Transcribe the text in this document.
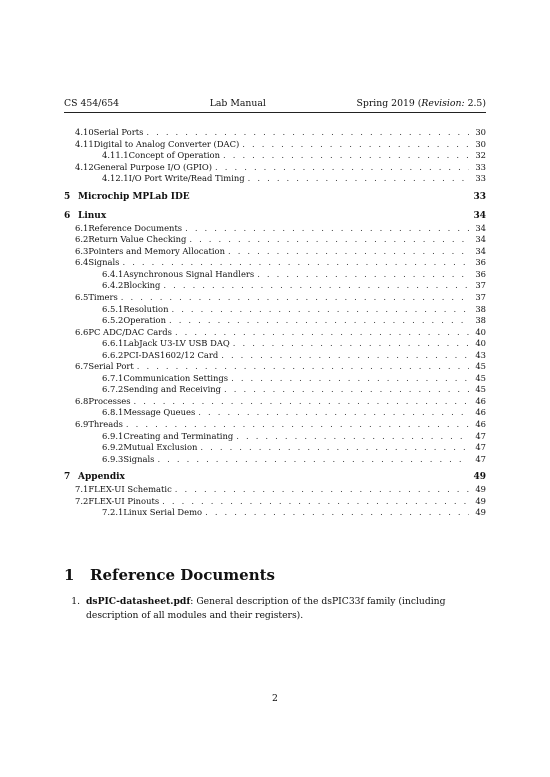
CS 454/654	Lab Manual	Spring 2019 (Revision: 2.5)
4.10 Serial Ports . . .	30
4.11 Digital to Analog Converter (DAC) . . .	30
4.11.1 Concept of Operation . . .	32
4.12 General Purpose I/O (GPIO) . . .	33
4.12.1 I/O Port Write/Read Timing . . .	33
5 Microchip MPLab IDE	33
6 Linux	34
6.1 Reference Documents . . .	34
6.2 Return Value Checking . . .	34
6.3 Pointers and Memory Allocation . . .	34
6.4 Signals . . .	36
6.4.1 Asynchronous Signal Handlers . . .	36
6.4.2 Blocking . . .	37
6.5 Timers . . .	37
6.5.1 Resolution . . .	38
6.5.2 Operation . . .	38
6.6 PC ADC/DAC Cards . . .	40
6.6.1 LabJack U3-LV USB DAQ . . .	40
6.6.2 PCI-DAS1602/12 Card . . .	43
6.7 Serial Port . . .	45
6.7.1 Communication Settings . . .	45
6.7.2 Sending and Receiving . . .	45
6.8 Processes . . .	46
6.8.1 Message Queues . . .	46
6.9 Threads . . .	46
6.9.1 Creating and Terminating . . .	47
6.9.2 Mutual Exclusion . . .	47
6.9.3 Signals . . .	47
7 Appendix	49
7.1 FLEX-UI Schematic . . .	49
7.2 FLEX-UI Pinouts . . .	49
7.2.1 Linux Serial Demo . . .	49
1 Reference Documents
1. dsPIC-datasheet.pdf: General description of the dsPIC33f family (including description of all modules and their registers).
2
